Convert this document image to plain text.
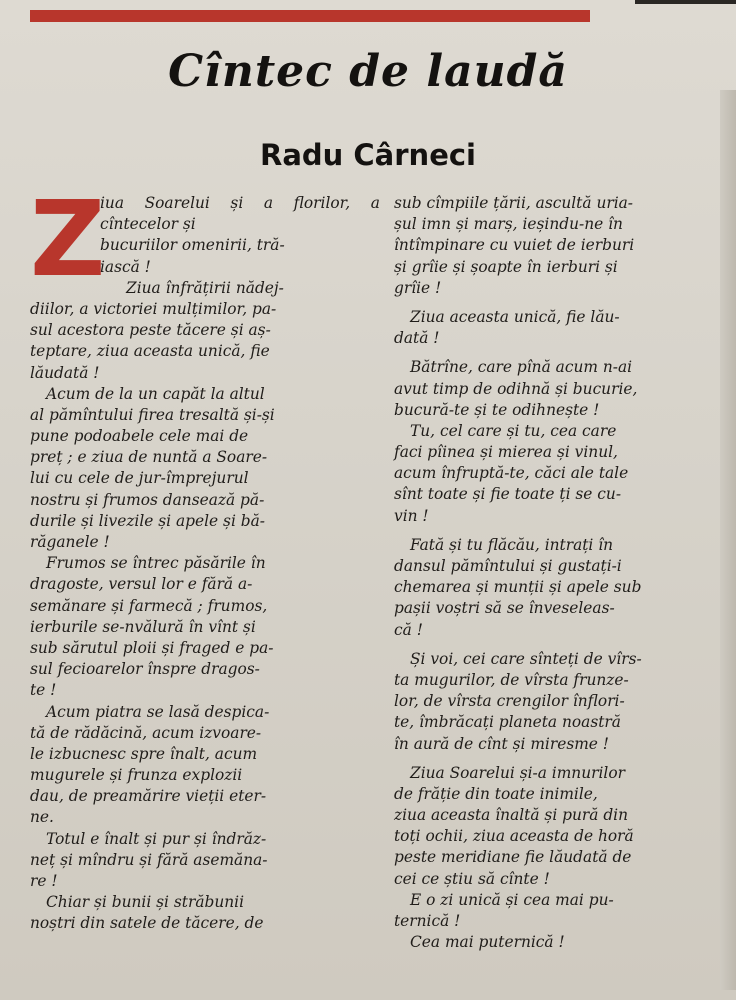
Cîntec de laudă
Radu Cârneci
Z
iua Soarelui și a florilor, a cîntecelor și
bucuriilor omenirii, tră-
iască !
Ziua înfrățirii nădej-
diilor, a victoriei mulțimilor, pa-
sul acestora peste tăcere și aș-
teptare, ziua aceasta unică, fie
lăudată !
Acum de la un capăt la altul
al pămîntului firea tresaltă și-și
pune podoabele cele mai de
preț ; e ziua de nuntă a Soare-
lui cu cele de jur-împrejurul
nostru și frumos dansează pă-
durile și livezile și apele și bă-
răganele !
Frumos se întrec păsările în
dragoste, versul lor e fără a-
semănare și farmecă ; frumos,
ierburile se-nvălură în vînt și
sub sărutul ploii și fraged e pa-
sul fecioarelor înspre dragos-
te !
Acum piatra se lasă despica-
tă de rădăcină, acum izvoare-
le izbucnesc spre înalt, acum
mugurele și frunza explozii
dau, de preamărire vieții eter-
ne.
Totul e înalt și pur și îndrăz-
neț și mîndru și fără asemăna-
re !
Chiar și bunii și străbunii
noștri din satele de tăcere, de
sub cîmpiile țării, ascultă uria-
șul imn și marș, ieșindu-ne în
întîmpinare cu vuiet de ierburi
și grîie și șoapte în ierburi și
grîie !
Ziua aceasta unică, fie lău-
dată !
Bătrîne, care pînă acum n-ai
avut timp de odihnă și bucurie,
bucură-te și te odihnește !
Tu, cel care și tu, cea care
faci pîinea și mierea și vinul,
acum înfruptă-te, căci ale tale
sînt toate și fie toate ți se cu-
vin !
Fată și tu flăcău, intrați în
dansul pămîntului și gustați-i
chemarea și munții și apele sub
pașii voștri să se înveseleas-
că !
Și voi, cei care sînteți de vîrs-
ta mugurilor, de vîrsta frunze-
lor, de vîrsta crengilor înflori-
te, îmbrăcați planeta noastră
în aură de cînt și miresme !
Ziua Soarelui și-a imnurilor
de frăție din toate inimile,
ziua aceasta înaltă și pură din
toți ochii, ziua aceasta de horă
peste meridiane fie lăudată de
cei ce știu să cînte !
E o zi unică și cea mai pu-
ternică !
Cea mai puternică !
